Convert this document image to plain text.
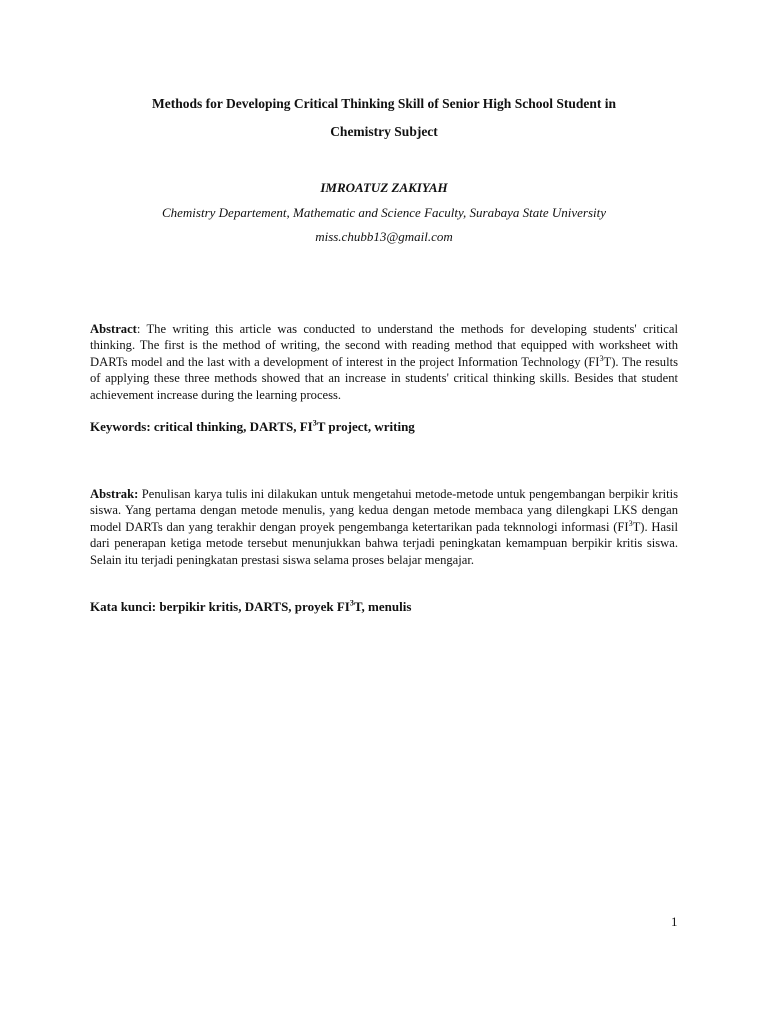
Methods for Developing Critical Thinking Skill of Senior High School Student in
Chemistry Subject
IMROATUZ ZAKIYAH
Chemistry Departement, Mathematic and Science Faculty, Surabaya State University
miss.chubb13@gmail.com
Abstract: The writing this article was conducted to understand the methods for developing students' critical thinking. The first is the method of writing, the second with reading method that equipped with worksheet with DARTs model and the last with a development of interest in the project Information Technology $(FI^3T)$. The results of applying these three methods showed that an increase in students' critical thinking skills. Besides that student achievement increase during the learning process.
Keywords: critical thinking, DARTS, $FI^3T$ project, writing
Abstrak: Penulisan karya tulis ini dilakukan untuk mengetahui metode-metode untuk pengembangan berpikir kritis siswa. Yang pertama dengan metode menulis, yang kedua dengan metode membaca yang dilengkapi LKS dengan model DARTs dan yang terakhir dengan proyek pengembanga ketertarikan pada teknnologi informasi $(FI^3T)$. Hasil dari penerapan ketiga metode tersebut menunjukkan bahwa terjadi peningkatan kemampuan berpikir kritis siswa. Selain itu terjadi peningkatan prestasi siswa selama proses belajar mengajar.
Kata kunci: berpikir kritis, DARTS, proyek $FI^3T$, menulis
1
